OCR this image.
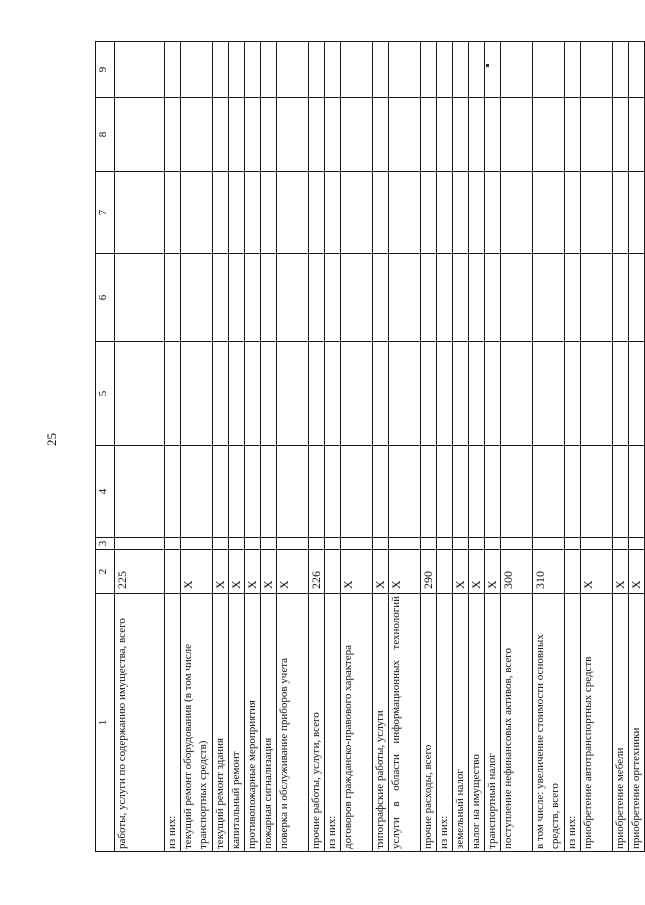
25
1	2	3	4	5	6	7	8	9
работы, услуги по содержанию имущества, всего	225							
из них:								
текущий ремонт оборудования (в том числе транспортных средств)	X							
текущий ремонт здания	X							
капитальный ремонт	X							
противопожарные мероприятия	X							
пожарная сигнализация	X							
поверка и обслуживание приборов учета	X							
прочие работы, услуги, всего	226							
из них:								
договоров гражданско-правового характера	X							
типографские работы, услуги	X							
услуги в области информационных технологий	X							
прочие расходы, всего	290							
из них:								
земельный налог	X							
налог на имущество	X							
транспортный налог	X							
поступление нефинансовых активов, всего	300							
в том числе: увеличение стоимости основных средств, всего	310							
из них:								
приобретение автотранспортных средств	X							
приобретение мебели	X							
приобретение оргтехники	X							
